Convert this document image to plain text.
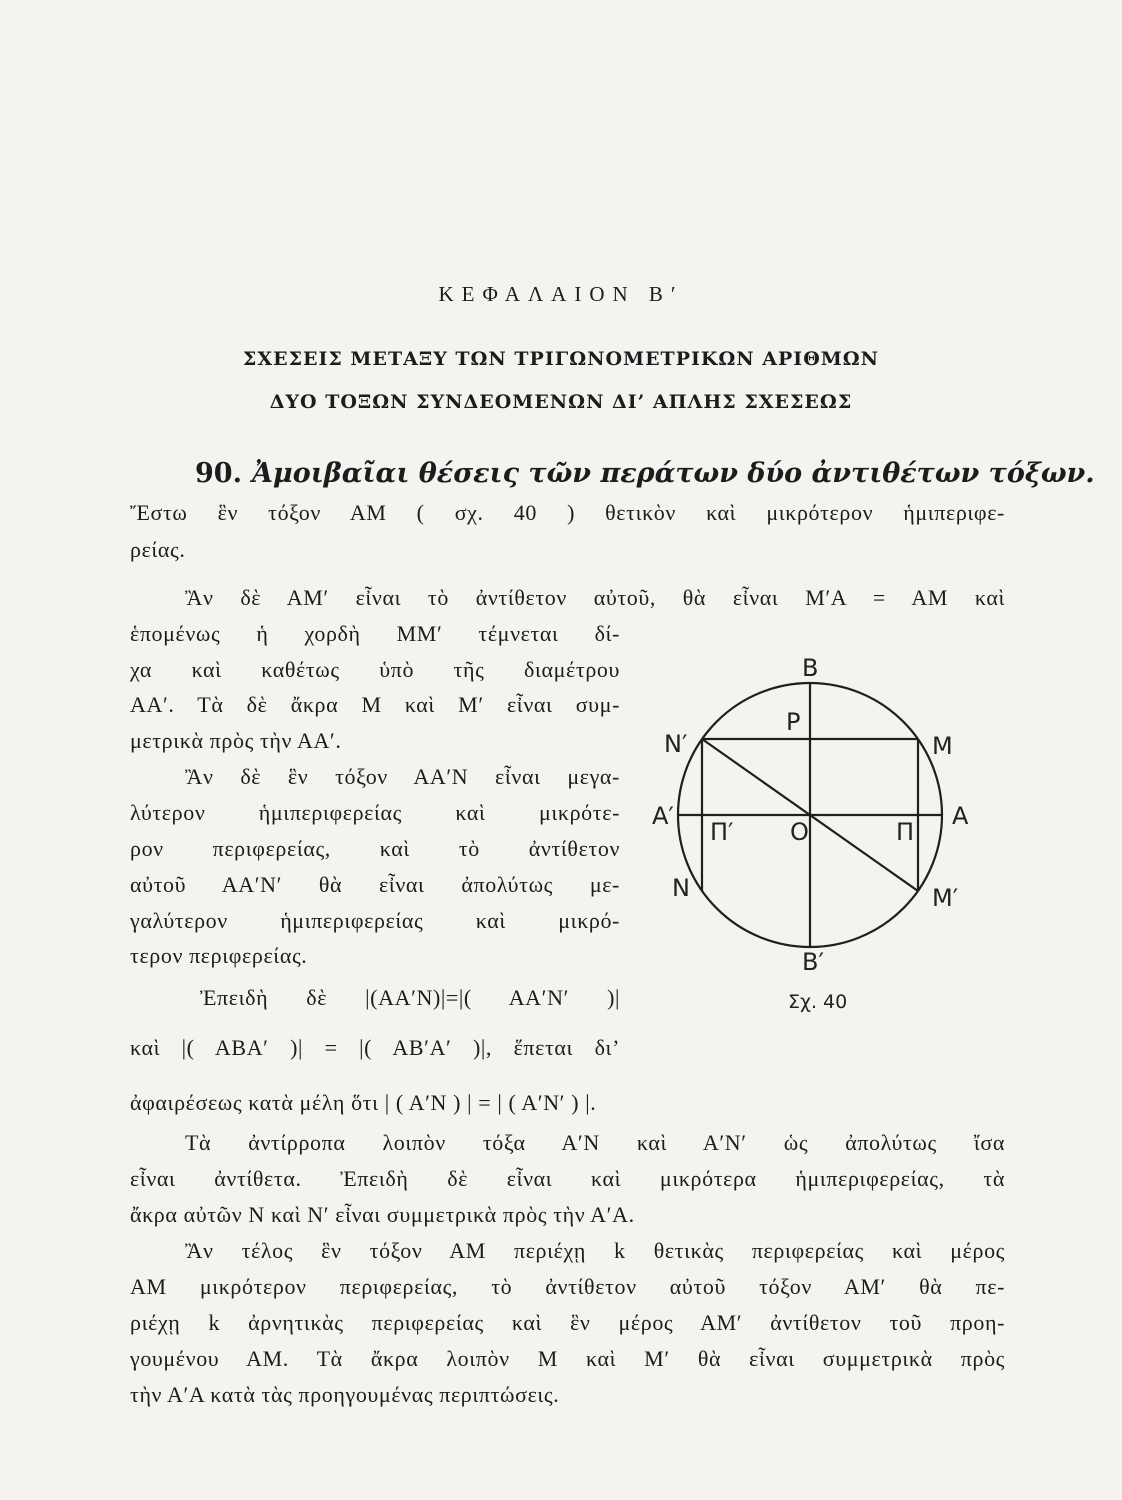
ΚΕΦΑΛΑΙΟΝ Β′
ΣΧΕΣΕΙΣ ΜΕΤΑΞΥ ΤΩΝ ΤΡΙΓΩΝΟΜΕΤΡΙΚΩΝ ΑΡΙΘΜΩΝ
ΔΥΟ ΤΟΞΩΝ ΣΥΝΔΕΟΜΕΝΩΝ ΔΙ’ ΑΠΛΗΣ ΣΧΕΣΕΩΣ
90. Ἀμοιβαῖαι θέσεις τῶν περάτων δύο ἀντιθέτων τόξων.
Ἔστω ἓν τόξον ΑΜ ( σχ. 40 ) θετικὸν καὶ μικρότερον ἡμιπεριφε-
ρείας.
Ἂν δὲ ΑΜ′ εἶναι τὸ ἀντίθετον αὐτοῦ, θὰ εἶναι Μ′Α = ΑΜ καὶ
ἑπομένως ἡ χορδὴ ΜΜ′ τέμνεται δί-
χα καὶ καθέτως ὑπὸ τῆς διαμέτρου
ΑΑ′. Τὰ δὲ ἄκρα Μ καὶ Μ′ εἶναι συμ-
μετρικὰ πρὸς τὴν ΑΑ′.
Ἂν δὲ ἓν τόξον ΑΑ′Ν εἶναι μεγα-
λύτερον ἡμιπεριφερείας καὶ μικρότε-
ρον περιφερείας, καὶ τὸ ἀντίθετον
αὐτοῦ ΑΑ′Ν′ θὰ εἶναι ἀπολύτως με-
γαλύτερον ἡμιπεριφερείας καὶ μικρό-
τερον περιφερείας.
Ἐπειδὴ δὲ |(ΑΑ′Ν)|=|( ΑΑ′Ν′ )|
καὶ |( ΑΒΑ′ )| = |( ΑΒ′Α′ )|, ἕπεται δι’
ἀφαιρέσεως κατὰ μέλη ὅτι | ( Α′Ν ) | = | ( Α′Ν′ ) |.
Τὰ ἀντίρροπα λοιπὸν τόξα Α′Ν καὶ Α′Ν′ ὡς ἀπολύτως ἴσα
εἶναι ἀντίθετα. Ἐπειδὴ δὲ εἶναι καὶ μικρότερα ἡμιπεριφερείας, τὰ
ἄκρα αὐτῶν Ν καὶ Ν′ εἶναι συμμετρικὰ πρὸς τὴν Α′Α.
Ἂν τέλος ἓν τόξον ΑΜ περιέχῃ k θετικὰς περιφερείας καὶ μέρος
ΑΜ μικρότερον περιφερείας, τὸ ἀντίθετον αὐτοῦ τόξον ΑΜ′ θὰ πε-
ριέχῃ k ἀρνητικὰς περιφερείας καὶ ἓν μέρος ΑΜ′ ἀντίθετον τοῦ προη-
γουμένου ΑΜ. Τὰ ἄκρα λοιπὸν Μ καὶ Μ′ θὰ εἶναι συμμετρικὰ πρὸς
τὴν Α′Α κατὰ τὰς προηγουμένας περιπτώσεις.
B
P
N′	M
A′	A
Π′ O	Π
N	M′
B′
Σχ. 40
